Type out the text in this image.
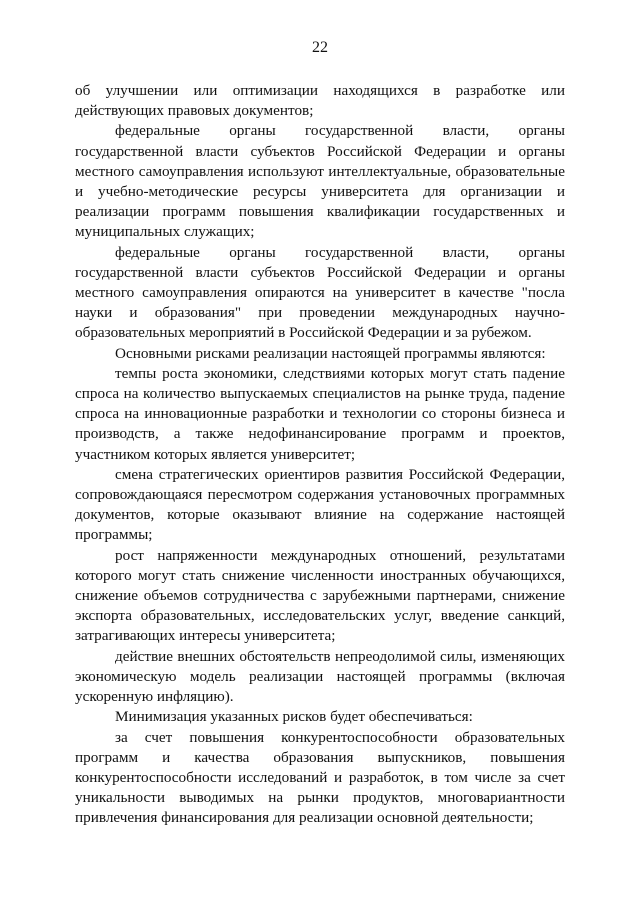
22

об улучшении или оптимизации находящихся в разработке или действующих правовых документов;

федеральные органы государственной власти, органы государственной власти субъектов Российской Федерации и органы местного самоуправления используют интеллектуальные, образовательные и учебно-методические ресурсы университета для организации и реализации программ повышения квалификации государственных и муниципальных служащих;

федеральные органы государственной власти, органы государственной власти субъектов Российской Федерации и органы местного самоуправления опираются на университет в качестве "посла науки и образования" при проведении международных научно-образовательных мероприятий в Российской Федерации и за рубежом.

Основными рисками реализации настоящей программы являются:

темпы роста экономики, следствиями которых могут стать падение спроса на количество выпускаемых специалистов на рынке труда, падение спроса на инновационные разработки и технологии со стороны бизнеса и производств, а также недофинансирование программ и проектов, участником которых является университет;

смена стратегических ориентиров развития Российской Федерации, сопровождающаяся пересмотром содержания установочных программных документов, которые оказывают влияние на содержание настоящей программы;

рост напряженности международных отношений, результатами которого могут стать снижение численности иностранных обучающихся, снижение объемов сотрудничества с зарубежными партнерами, снижение экспорта образовательных, исследовательских услуг, введение санкций, затрагивающих интересы университета;

действие внешних обстоятельств непреодолимой силы, изменяющих экономическую модель реализации настоящей программы (включая ускоренную инфляцию).

Минимизация указанных рисков будет обеспечиваться:

за счет повышения конкурентоспособности образовательных программ и качества образования выпускников, повышения конкурентоспособности исследований и разработок, в том числе за счет уникальности выводимых на рынки продуктов, многовариантности привлечения финансирования для реализации основной деятельности;
